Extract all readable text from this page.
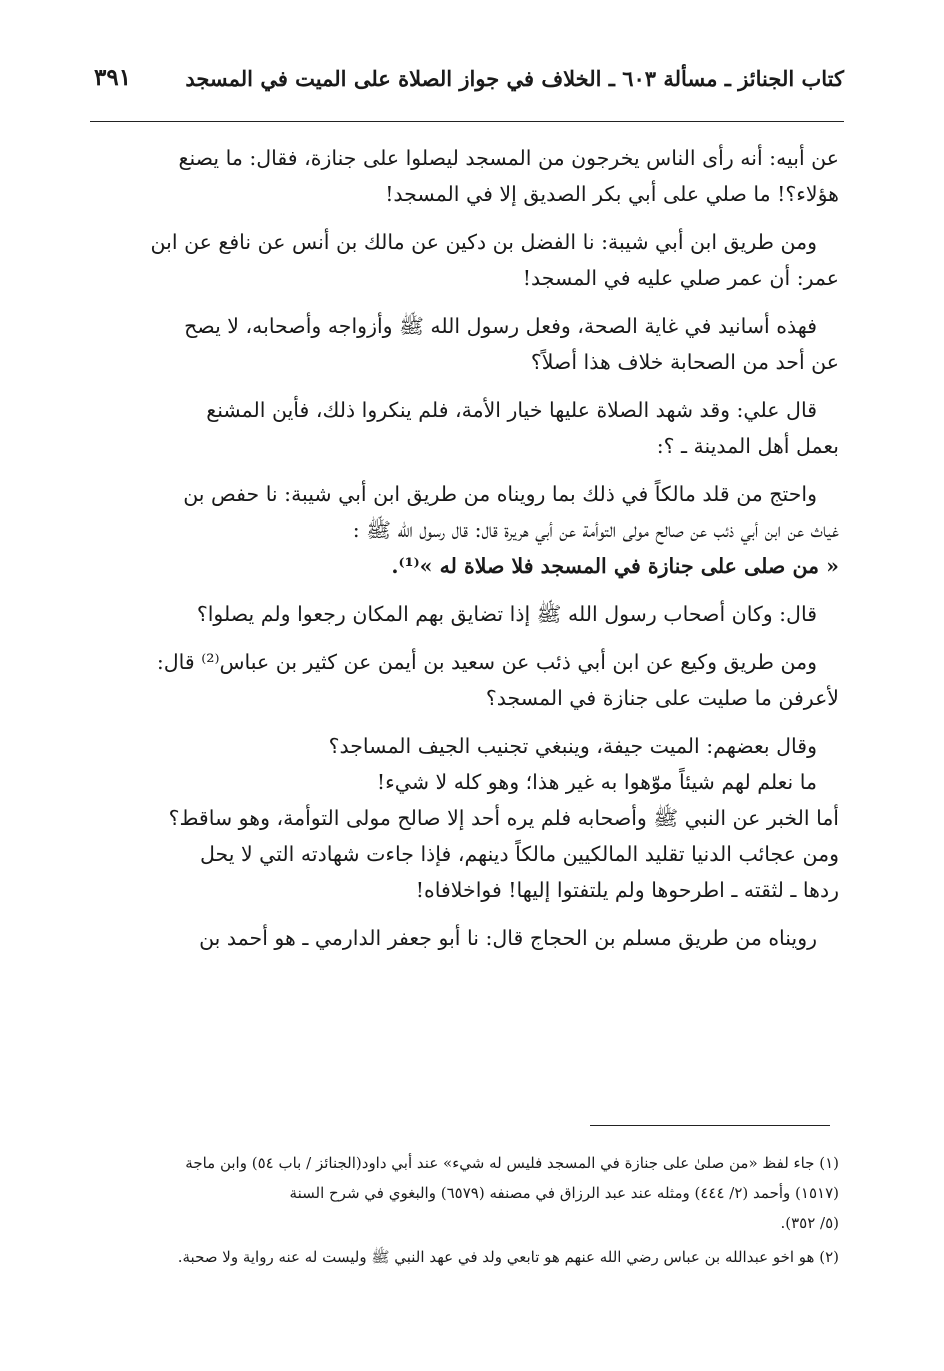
كتاب الجنائز ـ مسألة ٦٠٣ ـ الخلاف في جواز الصلاة على الميت في المسجد
٣٩١
عن أبيه: أنه رأى الناس يخرجون من المسجد ليصلوا على جنازة، فقال: ما يصنع
هؤلاء؟! ما صلي على أبي بكر الصديق إلا في المسجد!
ومن طريق ابن أبي شيبة: نا الفضل بن دكين عن مالك بن أنس عن نافع عن ابن
عمر: أن عمر صلي عليه في المسجد!
فهذه أسانيد في غاية الصحة، وفعل رسول الله ﷺ وأزواجه وأصحابه، لا يصح
عن أحد من الصحابة خلاف هذا أصلاً؟
قال علي: وقد شهد الصلاة عليها خيار الأمة، فلم ينكروا ذلك، فأين المشنع
بعمل أهل المدينة ـ ؟:
واحتج من قلد مالكاً في ذلك بما رويناه من طريق ابن أبي شيبة: نا حفص بن
غياث عن ابن أبي ذئب عن صالح مولى التوأمة عن أبي هريرة قال: قال رسول الله ﷺ :
« من صلى على جنازة في المسجد فلا صلاة له »⁽¹⁾.
قال: وكان أصحاب رسول الله ﷺ إذا تضايق بهم المكان رجعوا ولم يصلوا؟
ومن طريق وكيع عن ابن أبي ذئب عن سعيد بن أيمن عن كثير بن عباس⁽²⁾ قال:
لأعرفن ما صليت على جنازة في المسجد؟
وقال بعضهم: الميت جيفة، وينبغي تجنيب الجيف المساجد؟
ما نعلم لهم شيئاً موّهوا به غير هذا؛ وهو كله لا شيء!
أما الخبر عن النبي ﷺ وأصحابه فلم يره أحد إلا صالح مولى التوأمة، وهو ساقط؟
ومن عجائب الدنيا تقليد المالكيين مالكاً دينهم، فإذا جاءت شهادته التي لا يحل
ردها ـ لثقته ـ اطرحوها ولم يلتفتوا إليها! فواخلافاه!
رويناه من طريق مسلم بن الحجاج قال: نا أبو جعفر الدارمي ـ هو أحمد بن
(١) جاء لفظ «من صلىٰ على جنازة في المسجد فليس له شيء» عند أبي داود(الجنائز / باب ٥٤) وابن ماجة
(١٥١٧) وأحمد (٢/ ٤٤٤) ومثله عند عبد الرزاق في مصنفه (٦٥٧٩) والبغوي في شرح السنة
(٥/ ٣٥٢).
(٢) هو اخو عبدالله بن عباس رضي الله عنهم هو تابعي ولد في عهد النبي ﷺ وليست له عنه رواية ولا صحبة.
